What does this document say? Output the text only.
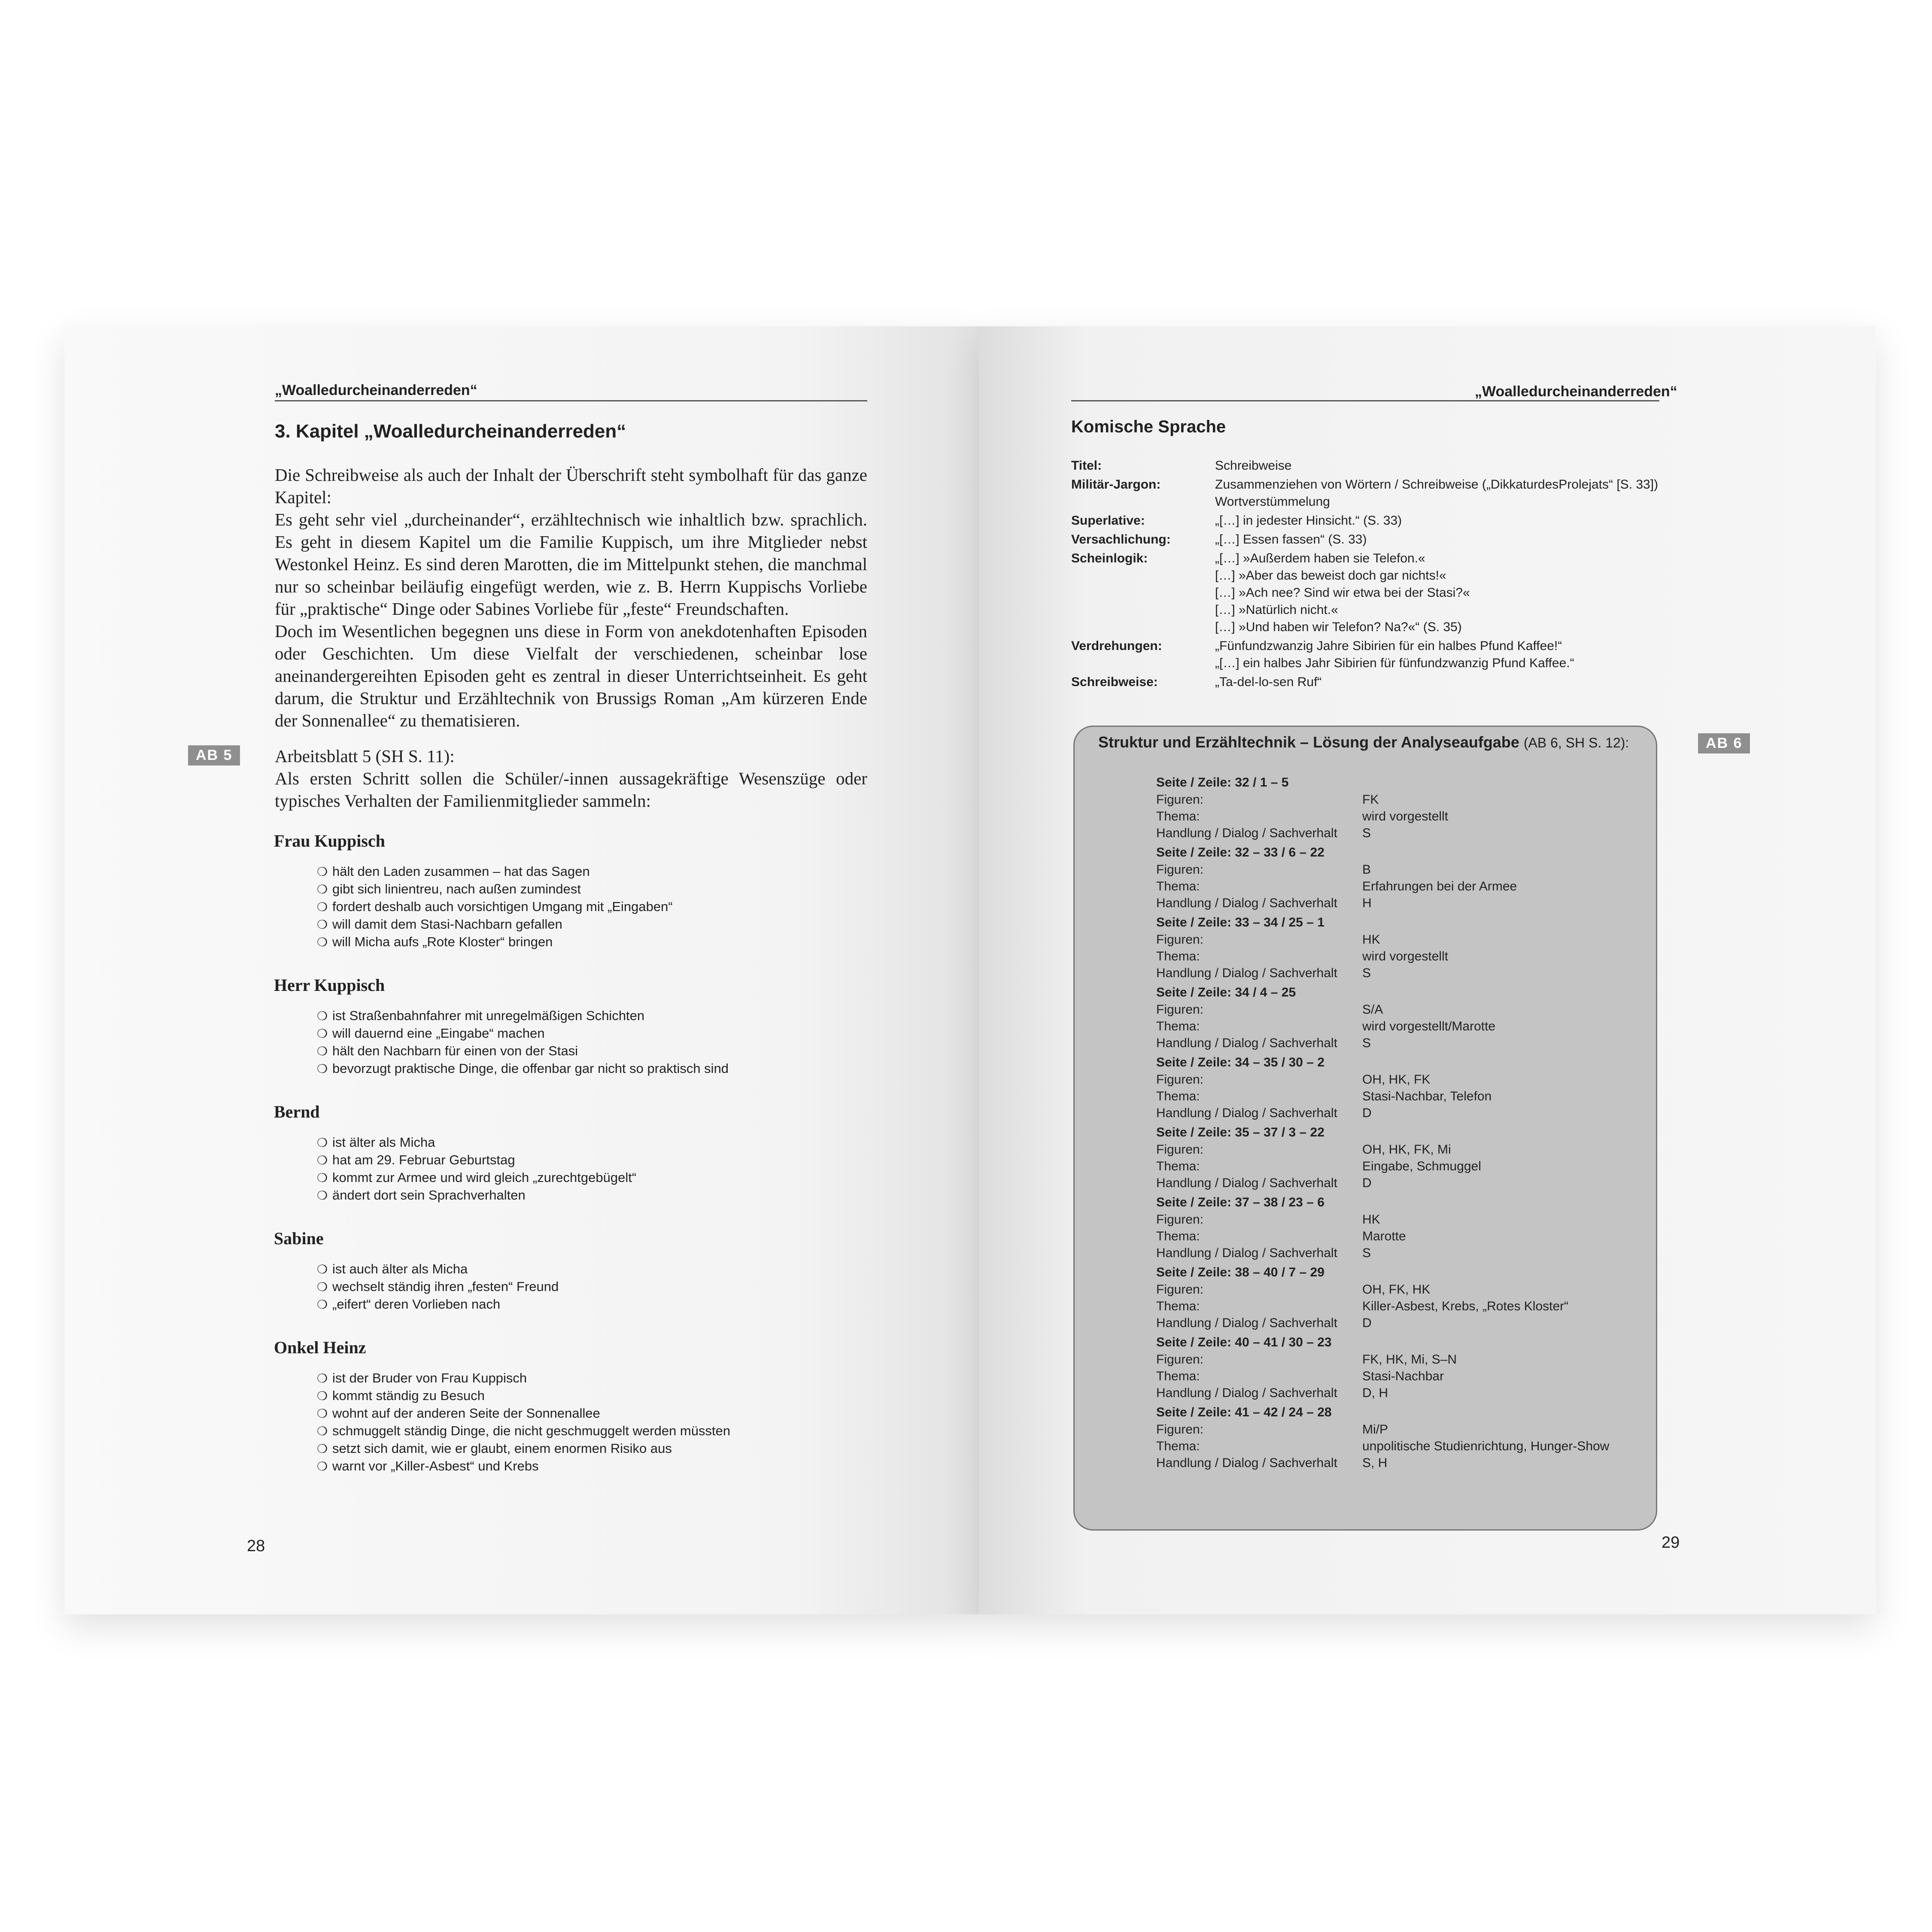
„Woalledurcheinanderreden“
3. Kapitel „Woalledurcheinanderreden“

Die Schreibweise als auch der Inhalt der Überschrift steht symbolhaft für das ganze Kapitel:

Es geht sehr viel „durcheinander“, erzähltechnisch wie inhaltlich bzw. sprachlich. Es geht in diesem Kapitel um die Familie Kuppisch, um ihre Mitglieder nebst Westonkel Heinz. Es sind deren Marotten, die im Mittelpunkt stehen, die manchmal nur so scheinbar beiläufig eingefügt werden, wie z. B. Herrn Kuppischs Vorliebe für „praktische“ Dinge oder Sabines Vorliebe für „feste“ Freundschaften.

Doch im Wesentlichen begegnen uns diese in Form von anekdotenhaften Episoden oder Geschichten. Um diese Vielfalt der verschiedenen, scheinbar lose aneinandergereihten Episoden geht es zentral in dieser Unterrichtseinheit. Es geht darum, die Struktur und Erzähltechnik von Brussigs Roman „Am kürzeren Ende der Sonnenallee“ zu thematisieren.

AB 5	Arbeitsblatt 5 (SH S. 11):

Als ersten Schritt sollen die Schüler/-innen aussagekräftige Wesenszüge oder typisches Verhalten der Familienmitglieder sammeln:

Frau Kuppisch
❍ hält den Laden zusammen – hat das Sagen
❍ gibt sich linientreu, nach außen zumindest
❍ fordert deshalb auch vorsichtigen Umgang mit „Eingaben“
❍ will damit dem Stasi-Nachbarn gefallen
❍ will Micha aufs „Rote Kloster“ bringen
Herr Kuppisch
❍ ist Straßenbahnfahrer mit unregelmäßigen Schichten
❍ will dauernd eine „Eingabe“ machen
❍ hält den Nachbarn für einen von der Stasi
❍ bevorzugt praktische Dinge, die offenbar gar nicht so praktisch sind
Bernd
❍ ist älter als Micha
❍ hat am 29. Februar Geburtstag
❍ kommt zur Armee und wird gleich „zurechtgebügelt“
❍ ändert dort sein Sprachverhalten
Sabine
❍ ist auch älter als Micha
❍ wechselt ständig ihren „festen“ Freund
❍ „eifert“ deren Vorlieben nach
Onkel Heinz
❍ ist der Bruder von Frau Kuppisch
❍ kommt ständig zu Besuch
❍ wohnt auf der anderen Seite der Sonnenallee
❍ schmuggelt ständig Dinge, die nicht geschmuggelt werden müssten
❍ setzt sich damit, wie er glaubt, einem enormen Risiko aus
❍ warnt vor „Killer-Asbest“ und Krebs
28
„Woalledurcheinanderreden“
Komische Sprache
Titel:	Schreibweise
Militär-Jargon:	Zusammenziehen von Wörtern / Schreibweise („DikkaturdesProlejats“ [S. 33])
Wortverstümmelung
Superlative:	„[…] in jedester Hinsicht.“ (S. 33)
Versachlichung:	„[…] Essen fassen“ (S. 33)
Scheinlogik:	„[…] »Außerdem haben sie Telefon.«
[…] »Aber das beweist doch gar nichts!«
[…] »Ach nee? Sind wir etwa bei der Stasi?«
[…] »Natürlich nicht.«
[…] »Und haben wir Telefon? Na?«“ (S. 35)
Verdrehungen:	„Fünfundzwanzig Jahre Sibirien für ein halbes Pfund Kaffee!“
„[…] ein halbes Jahr Sibirien für fünfundzwanzig Pfund Kaffee.“
Schreibweise:	„Ta-del-lo-sen Ruf“
AB 6
Struktur und Erzähltechnik – Lösung der Analyseaufgabe (AB 6, SH S. 12):
Seite / Zeile: 32 / 1 – 5
Figuren:	FK
Thema:	wird vorgestellt
Handlung / Dialog / Sachverhalt	S
Seite / Zeile: 32 – 33 / 6 – 22
Figuren:	B
Thema:	Erfahrungen bei der Armee
Handlung / Dialog / Sachverhalt	H
Seite / Zeile: 33 – 34 / 25 – 1
Figuren:	HK
Thema:	wird vorgestellt
Handlung / Dialog / Sachverhalt	S
Seite / Zeile: 34 / 4 – 25
Figuren:	S/A
Thema:	wird vorgestellt/Marotte
Handlung / Dialog / Sachverhalt	S
Seite / Zeile: 34 – 35 / 30 – 2
Figuren:	OH, HK, FK
Thema:	Stasi-Nachbar, Telefon
Handlung / Dialog / Sachverhalt	D
Seite / Zeile: 35 – 37 / 3 – 22
Figuren:	OH, HK, FK, Mi
Thema:	Eingabe, Schmuggel
Handlung / Dialog / Sachverhalt	D
Seite / Zeile: 37 – 38 / 23 – 6
Figuren:	HK
Thema:	Marotte
Handlung / Dialog / Sachverhalt	S
Seite / Zeile: 38 – 40 / 7 – 29
Figuren:	OH, FK, HK
Thema:	Killer-Asbest, Krebs, „Rotes Kloster“
Handlung / Dialog / Sachverhalt	D
Seite / Zeile: 40 – 41 / 30 – 23
Figuren:	FK, HK, Mi, S–N
Thema:	Stasi-Nachbar
Handlung / Dialog / Sachverhalt	D, H
Seite / Zeile: 41 – 42 / 24 – 28
Figuren:	Mi/P
Thema:	unpolitische Studienrichtung, Hunger-Show
Handlung / Dialog / Sachverhalt	S, H
29
